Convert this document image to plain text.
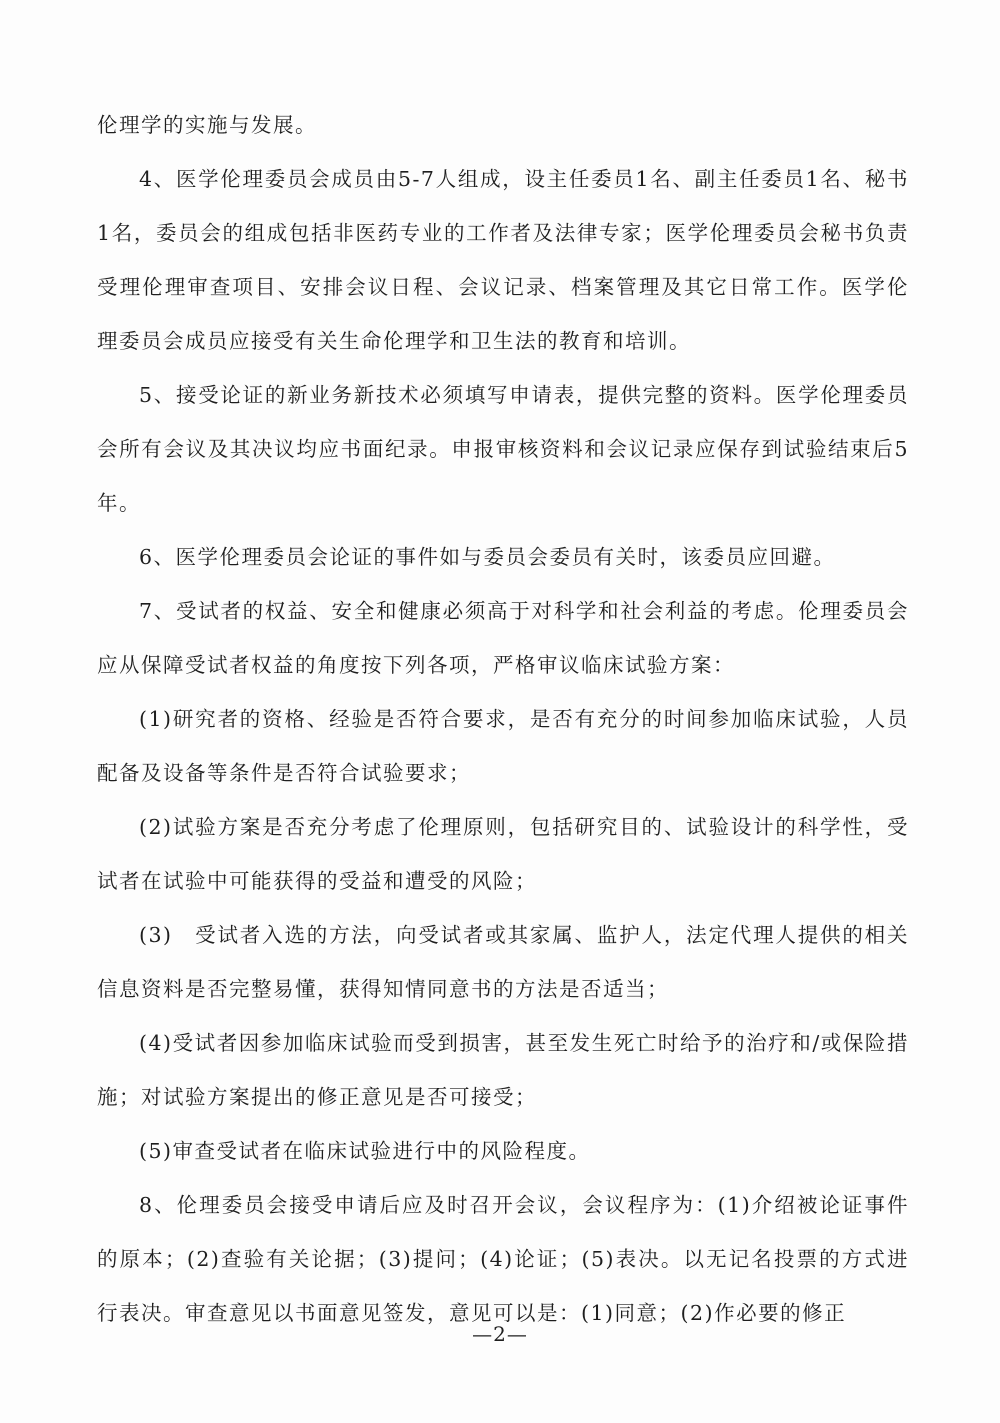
伦理学的实施与发展。

4、医学伦理委员会成员由5-7人组成，设主任委员1名、副主任委员1名、秘书1名，委员会的组成包括非医药专业的工作者及法律专家；医学伦理委员会秘书负责受理伦理审查项目、安排会议日程、会议记录、档案管理及其它日常工作。医学伦理委员会成员应接受有关生命伦理学和卫生法的教育和培训。

5、接受论证的新业务新技术必须填写申请表，提供完整的资料。医学伦理委员会所有会议及其决议均应书面纪录。申报审核资料和会议记录应保存到试验结束后5年。

6、医学伦理委员会论证的事件如与委员会委员有关时，该委员应回避。

7、受试者的权益、安全和健康必须高于对科学和社会利益的考虑。伦理委员会应从保障受试者权益的角度按下列各项，严格审议临床试验方案：

(1)研究者的资格、经验是否符合要求，是否有充分的时间参加临床试验，人员配备及设备等条件是否符合试验要求；

(2)试验方案是否充分考虑了伦理原则，包括研究目的、试验设计的科学性，受试者在试验中可能获得的受益和遭受的风险；

(3)　受试者入选的方法，向受试者或其家属、监护人，法定代理人提供的相关信息资料是否完整易懂，获得知情同意书的方法是否适当；

(4)受试者因参加临床试验而受到损害，甚至发生死亡时给予的治疗和/或保险措施；对试验方案提出的修正意见是否可接受；

(5)审查受试者在临床试验进行中的风险程度。

8、伦理委员会接受申请后应及时召开会议，会议程序为：(1)介绍被论证事件的原本；(2)查验有关论据；(3)提问；(4)论证；(5)表决。以无记名投票的方式进行表决。审查意见以书面意见签发，意见可以是：(1)同意；(2)作必要的修正

—2—
